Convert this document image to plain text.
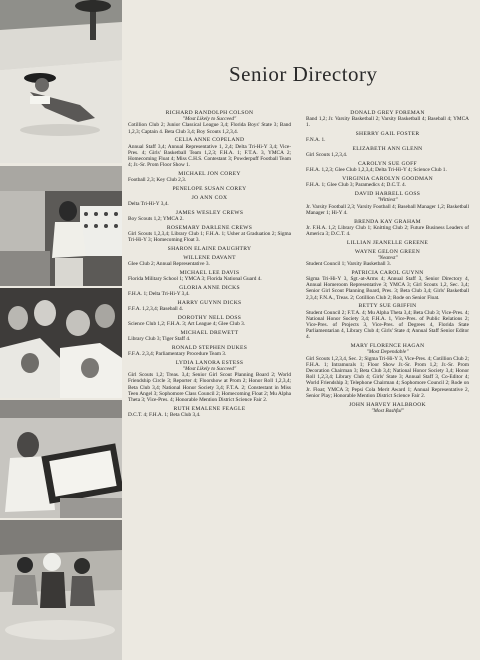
Senior Directory
RICHARD RANDOLPH COLSON
"Most Likely to Succeed"
Cotillion Club 2; Junior Classical League 3,4; Florida Boys' State 3; Band 1,2,3; Captain 4. Beta Club 3,4; Boy Scouts 1,2,3,4.
CELIA ANNE COPELAND
Annual Staff 3,4; Annual Representative 1, 2,4; Delta Tri-Hi-Y 3,4; Vice-Pres. 4; Girls' Basketball Team 1,2,3; F.H.A. 1; F.T.A. 3, YMCA 2; Homecoming Float 4; Miss C.H.S. Contestant 3; Powderpuff Football Team 4; Jr.-Sr. Prom Floor Show 1.
MICHAEL JON COREY
Football 2,3; Key Club 2,3.
PENELOPE SUSAN COREY
JO ANN COX
Delta Tri-Hi-Y 3,4.
JAMES WESLEY CREWS
Boy Scouts 1,2; YMCA 2.
ROSEMARY DARLENE CREWS
Girl Scouts 1,2,3,4; Library Club 1; F.H.A. 1; Usher at Graduation 2; Sigma Tri-Hi-Y 3; Homecoming Float 3.
SHARON ELAINE DAUGHTRY
WILLENE DAVANT
Glee Club 2; Annual Representative 3.
MICHAEL LEE DAVIS
Florida Military School 1; YMCA 3; Florida National Guard 4.
GLORIA ANNE DICKS
F.H.A. 1; Delta Tri-Hi-Y 3,4.
HARRY GUYNN DICKS
F.F.A. 1,2,3,4; Baseball 4.
DOROTHY NELL DOSS
Science Club 1,2; F.H.A. 3; Art League 4; Glee Club 3.
MICHAEL DREWETT
Library Club 3; Tiger Staff 4.
RONALD STEPHEN DUKES
F.F.A. 2,3,4; Parliamentary Procedure Team 3.
LYDIA LANORA ESTESS
"Most Likely to Succeed"
Girl Scouts 1,2; Treas. 3,4; Senior Girl Scout Planning Board 2; World Friendship Circle 3; Reporter 4; Floorshow at Prom 2; Honor Roll 1,2,3,4; Beta Club 3,4; National Honor Society 3,4; F.T.A. 2; Constestant in Miss Teen Angel 3; Sophomore Class Council 2; Homecoming Float 2; Mu Alpha Theta 3; Vice-Pres. 4; Honorable Mention District Science Fair 2.
RUTH EMALENE FEAGLE
D.C.T. 4; F.H.A. 1; Beta Club 3,4.
DONALD GREY FOREMAN
Band 1,2; Jr. Varsity Basketball 2; Varsity Basketball 4; Baseball 4; YMCA 1.
SHERRY GAIL FOSTER
F.N.A. 1.
ELIZABETH ANN GLENN
Girl Scouts 1,2,3,4.
CAROLYN SUE GOFF
F.H.A. 1,2,3; Glee Club 1,2,3,4; Delta Tri-Hi-Y 4; Science Club 1.
VIRGINIA CAROLYN GOODMAN
F.H.A. 1; Glee Club 3; Paramedics 4; D.C.T. 4.
DAVID HARRELL GOSS
"Wittiest"
Jr. Varsity Football 2,3; Varsity Football 4; Baseball Manager 1,2; Basketball Manager 1; Hi-Y 4.
BRENDA KAY GRAHAM
Jr. F.H.A. 1,2; Library Club 1; Knitting Club 2; Future Business Leaders of America 3; D.C.T. 4.
LILLIAN JEANELLE GREENE
WAYNE GELON GREEN
"Neatest"
Student Council 1; Varsity Basketball 3.
PATRICIA CAROL GUYNN
Sigma Tri-Hi-Y 3, Sgt.-at-Arms 4; Annual Staff 3, Senior Directory 4, Annual Homeroom Representative 3; YMCA 3; Girl Scouts 1,2, Sec. 3,4; Senior Girl Scout Planning Board, Pres. 3; Beta Club 3,4; Girls' Basketball 2,3,4; F.N.A., Treas. 2; Cotillion Club 2; Rode on Senior Float.
BETTY SUE GRIFFIN
Student Council 2; F.T.A. 4; Mu Alpha Theta 3,4; Beta Club 3; Vice-Pres. 4; National Honor Society 3,4; F.H.A. 1, Vice-Pres. of Public Relations 2; Vice-Pres. of Projects 3, Vice-Pres. of Degrees 4, Florida State Parliamentarian 4, Library Club 4; Girls' State 4; Annual Staff Senior Editor 4.
MARY FLORENCE HAGAN
"Most Dependable"
Girl Scouts 1,2,3,4, Sec. 2; Sigma Tri-Hi-Y 3, Vice-Pres. 4; Cotillion Club 2; F.H.A. 1; Intramurals 1; Floor Show Jr.-Sr. Prom 1,2; Jr.-Sr. Prom Decoration Chairman 3; Beta Club 3,4; National Honor Society 3,4; Honor Roll 1,2,3,4; Library Club 4; Girls' State 3; Annual Staff 3, Co-Editor 4; World Friendship 3; Telephone Chairman 4; Sophomore Council 2; Rode on Jr. Float; YMCA 3; Pepsi Cola Merit Award 1; Annual Representative 2, Senior Play; Honorable Mention District Science Fair 2.
JOHN HARVEY HALBROOK
"Most Bashful"
